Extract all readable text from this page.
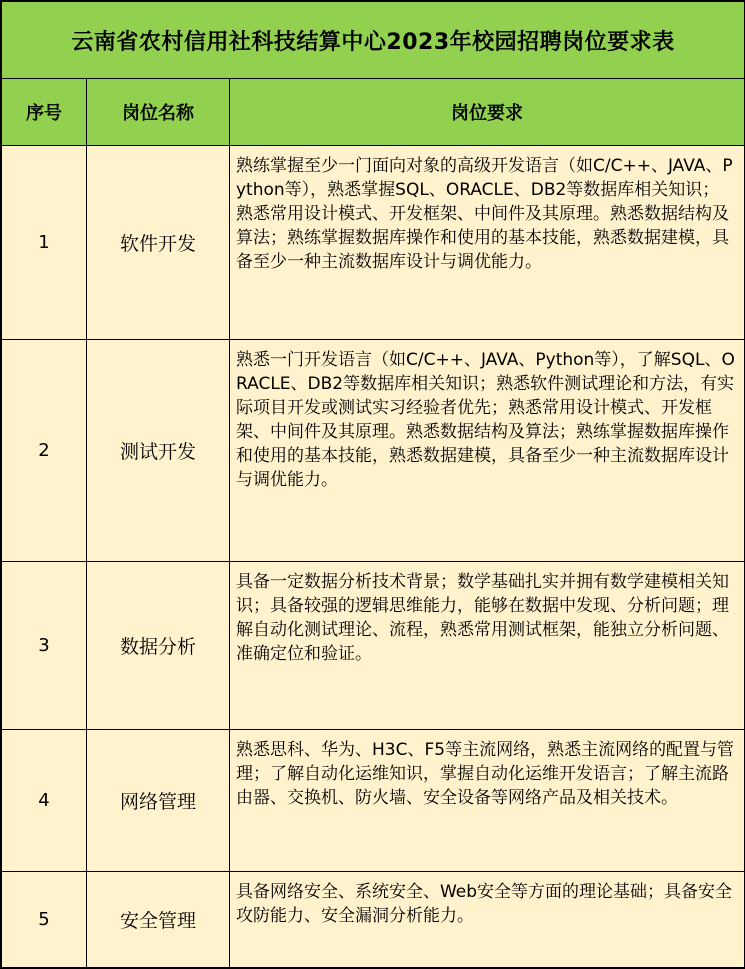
云南省农村信用社科技结算中心2023年校园招聘岗位要求表		
序号	岗位名称	岗位要求
1	软件开发	熟练掌握至少一门面向对象的高级开发语言（如C/C++、JAVA、Python等），熟悉掌握SQL、ORACLE、DB2等数据库相关知识；熟悉常用设计模式、开发框架、中间件及其原理。熟悉数据结构及算法；熟练掌握数据库操作和使用的基本技能，熟悉数据建模，具备至少一种主流数据库设计与调优能力。
2	测试开发	熟悉一门开发语言（如C/C++、JAVA、Python等），了解SQL、ORACLE、DB2等数据库相关知识；熟悉软件测试理论和方法，有实际项目开发或测试实习经验者优先；熟悉常用设计模式、开发框架、中间件及其原理。熟悉数据结构及算法；熟练掌握数据库操作和使用的基本技能，熟悉数据建模，具备至少一种主流数据库设计与调优能力。
3	数据分析	具备一定数据分析技术背景；数学基础扎实并拥有数学建模相关知识；具备较强的逻辑思维能力，能够在数据中发现、分析问题；理解自动化测试理论、流程，熟悉常用测试框架，能独立分析问题、准确定位和验证。
4	网络管理	熟悉思科、华为、H3C、F5等主流网络，熟悉主流网络的配置与管理；了解自动化运维知识，掌握自动化运维开发语言；了解主流路由器、交换机、防火墙、安全设备等网络产品及相关技术。
5	安全管理	具备网络安全、系统安全、Web安全等方面的理论基础；具备安全攻防能力、安全漏洞分析能力。
